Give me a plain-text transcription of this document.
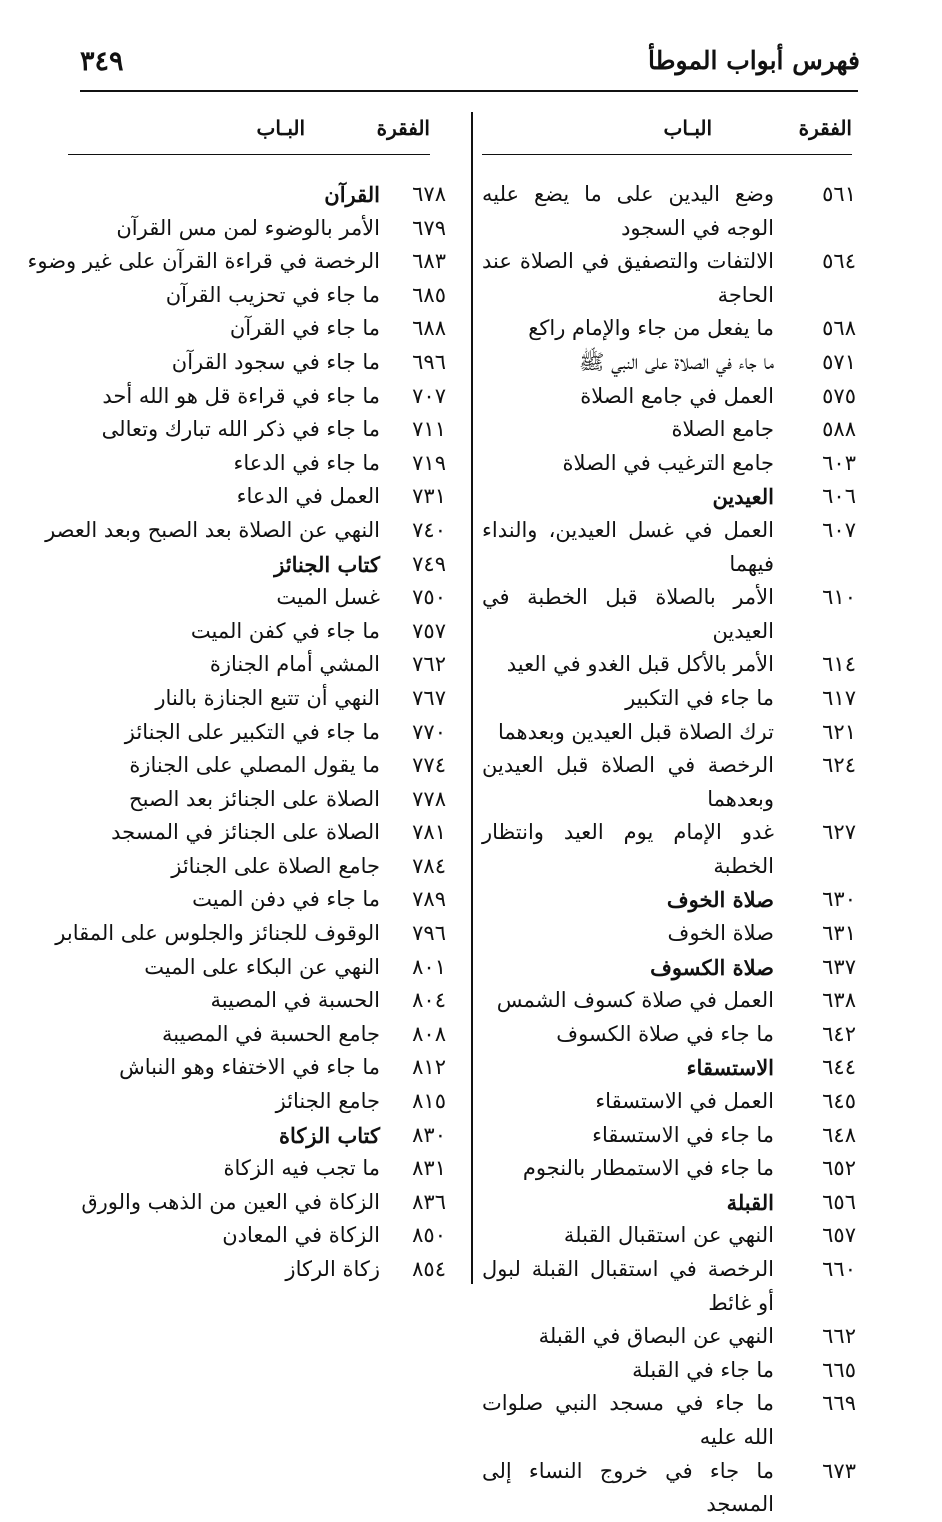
فهرس أبواب الموطأ
٣٤٩
الفقرة
البـاب
٥٦١
وضع اليدين على ما يضع عليه الوجه في السجود
٥٦٤
الالتفات والتصفيق في الصلاة عند الحاجة
٥٦٨
ما يفعل من جاء والإمام راكع
٥٧١
ما جاء في الصلاة على النبي ﷺ
٥٧٥
العمل في جامع الصلاة
٥٨٨
جامع الصلاة
٦٠٣
جامع الترغيب في الصلاة
٦٠٦
العيدين
٦٠٧
العمل في غسل العيدين، والنداء فيهما
٦١٠
الأمر بالصلاة قبل الخطبة في العيدين
٦١٤
الأمر بالأكل قبل الغدو في العيد
٦١٧
ما جاء في التكبير
٦٢١
ترك الصلاة قبل العيدين وبعدهما
٦٢٤
الرخصة في الصلاة قبل العيدين وبعدهما
٦٢٧
غدو الإمام يوم العيد وانتظار الخطبة
٦٣٠
صلاة الخوف
٦٣١
صلاة الخوف
٦٣٧
صلاة الكسوف
٦٣٨
العمل في صلاة كسوف الشمس
٦٤٢
ما جاء في صلاة الكسوف
٦٤٤
الاستسقاء
٦٤٥
العمل في الاستسقاء
٦٤٨
ما جاء في الاستسقاء
٦٥٢
ما جاء في الاستمطار بالنجوم
٦٥٦
القبلة
٦٥٧
النهي عن استقبال القبلة
٦٦٠
الرخصة في استقبال القبلة لبول أو غائط
٦٦٢
النهي عن البصاق في القبلة
٦٦٥
ما جاء في القبلة
٦٦٩
ما جاء في مسجد النبي صلوات الله عليه
٦٧٣
ما جاء في خروج النساء إلى المسجد
الفقرة
البـاب
٦٧٨
القرآن
٦٧٩
الأمر بالوضوء لمن مس القرآن
٦٨٣
الرخصة في قراءة القرآن على غير وضوء
٦٨٥
ما جاء في تحزيب القرآن
٦٨٨
ما جاء في القرآن
٦٩٦
ما جاء في سجود القرآن
٧٠٧
ما جاء في قراءة قل هو الله أحد
٧١١
ما جاء في ذكر الله تبارك وتعالى
٧١٩
ما جاء في الدعاء
٧٣١
العمل في الدعاء
٧٤٠
النهي عن الصلاة بعد الصبح وبعد العصر
٧٤٩
كتاب الجنائز
٧٥٠
غسل الميت
٧٥٧
ما جاء في كفن الميت
٧٦٢
المشي أمام الجنازة
٧٦٧
النهي أن تتبع الجنازة بالنار
٧٧٠
ما جاء في التكبير على الجنائز
٧٧٤
ما يقول المصلي على الجنازة
٧٧٨
الصلاة على الجنائز بعد الصبح
٧٨١
الصلاة على الجنائز في المسجد
٧٨٤
جامع الصلاة على الجنائز
٧٨٩
ما جاء في دفن الميت
٧٩٦
الوقوف للجنائز والجلوس على المقابر
٨٠١
النهي عن البكاء على الميت
٨٠٤
الحسبة في المصيبة
٨٠٨
جامع الحسبة في المصيبة
٨١٢
ما جاء في الاختفاء وهو النباش
٨١٥
جامع الجنائز
٨٣٠
كتاب الزكاة
٨٣١
ما تجب فيه الزكاة
٨٣٦
الزكاة في العين من الذهب والورق
٨٥٠
الزكاة في المعادن
٨٥٤
زكاة الركاز
